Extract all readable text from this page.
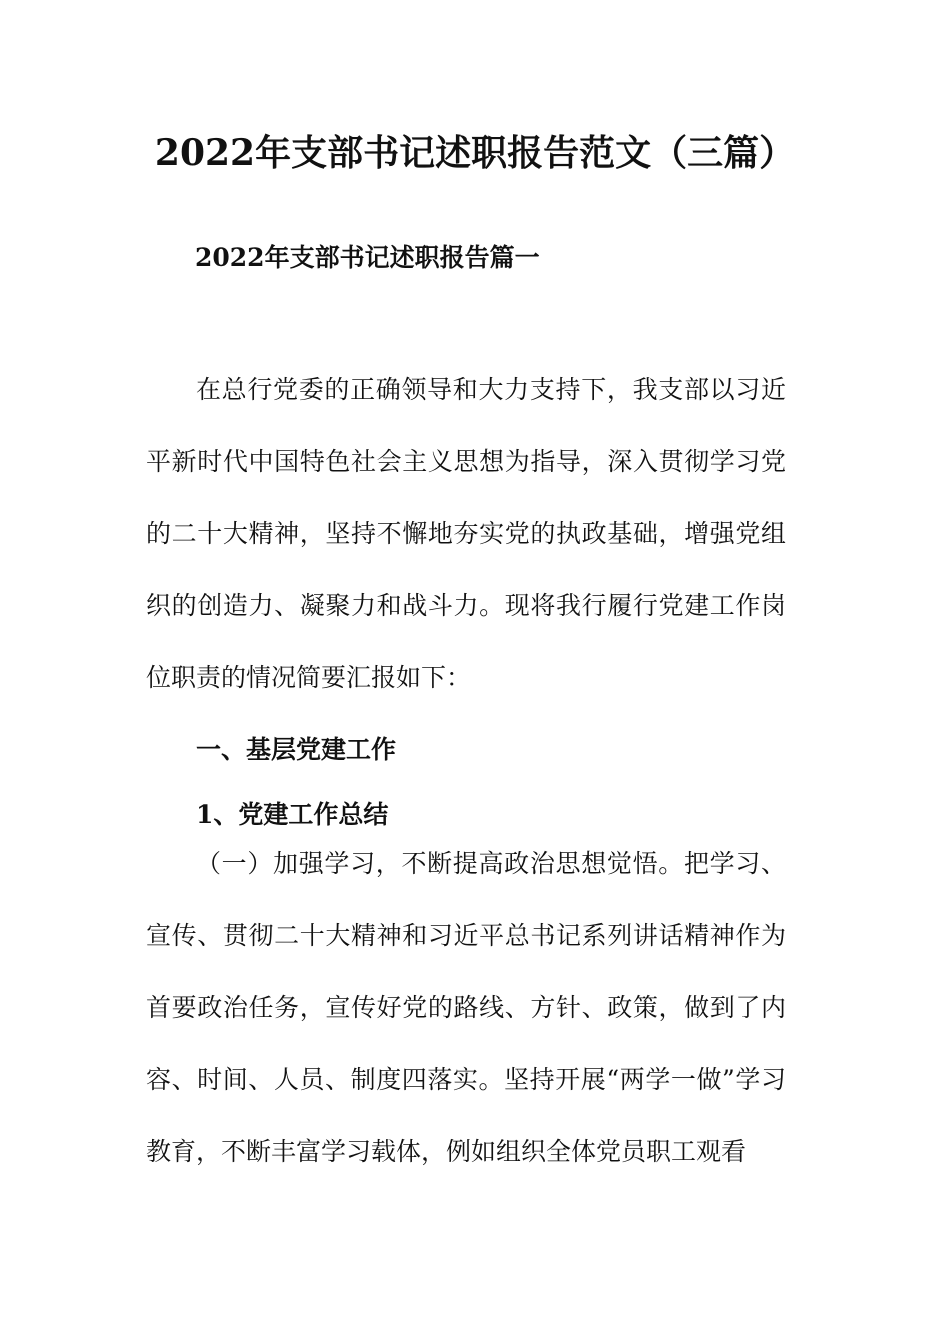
2022年支部书记述职报告范文（三篇）
2022年支部书记述职报告篇一

在总行党委的正确领导和大力支持下，我支部以习近平新时代中国特色社会主义思想为指导，深入贯彻学习党的二十大精神，坚持不懈地夯实党的执政基础，增强党组织的创造力、凝聚力和战斗力。现将我行履行党建工作岗位职责的情况简要汇报如下：

一、基层党建工作
1、党建工作总结

（一）加强学习，不断提高政治思想觉悟。把学习、宣传、贯彻二十大精神和习近平总书记系列讲话精神作为首要政治任务，宣传好党的路线、方针、政策，做到了内容、时间、人员、制度四落实。坚持开展“两学一做”学习教育，不断丰富学习载体，例如组织全体党员职工观看
